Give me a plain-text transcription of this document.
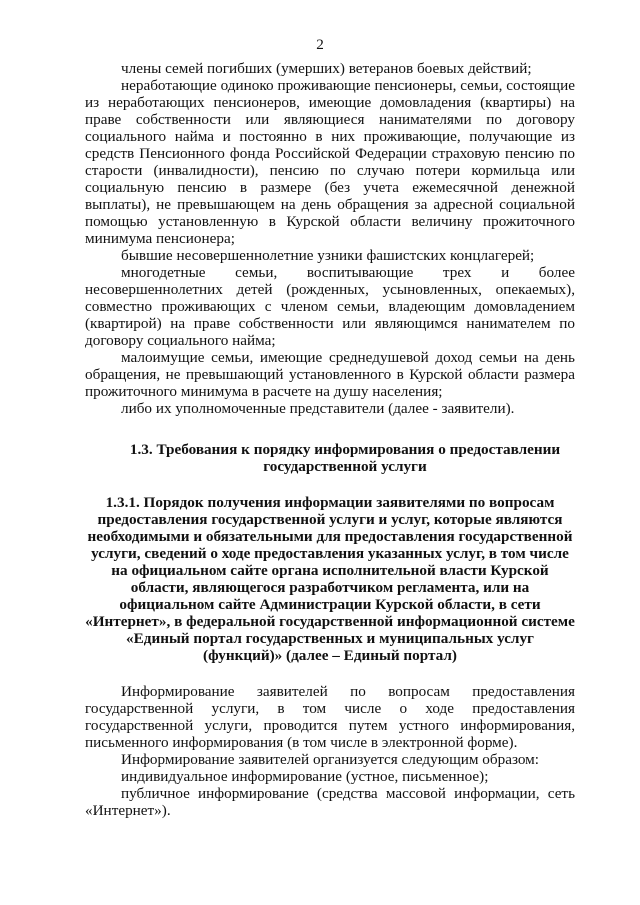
2

члены семей погибших (умерших) ветеранов боевых действий;

неработающие одиноко проживающие пенсионеры, семьи, состоящие из неработающих пенсионеров, имеющие домовладения (квартиры) на праве собственности или являющиеся нанимателями по договору социального найма и постоянно в них проживающие, получающие из средств Пенсионного фонда Российской Федерации страховую пенсию по старости (инвалидности), пенсию по случаю потери кормильца или социальную пенсию в размере (без учета ежемесячной денежной выплаты), не превышающем на день обращения за адресной социальной помощью установленную в Курской области величину прожиточного минимума пенсионера;

бывшие несовершеннолетние узники фашистских концлагерей;

многодетные семьи, воспитывающие трех и более несовершеннолетних детей (рожденных, усыновленных, опекаемых), совместно проживающих с членом семьи, владеющим домовладением (квартирой) на праве собственности или являющимся нанимателем по договору социального найма;

малоимущие семьи, имеющие среднедушевой доход семьи на день обращения, не превышающий установленного в Курской области размера прожиточного минимума в расчете на душу населения;

либо их уполномоченные представители (далее - заявители).

1.3. Требования к порядку информирования о предоставлении государственной услуги
1.3.1. Порядок получения информации заявителями по вопросам предоставления государственной услуги и услуг, которые являются необходимыми и обязательными для предоставления государственной услуги, сведений о ходе предоставления указанных услуг, в том числе на официальном сайте органа исполнительной власти Курской области, являющегося разработчиком регламента, или на официальном сайте Администрации Курской области, в сети «Интернет», в федеральной государственной информационной системе «Единый портал государственных и муниципальных услуг (функций)» (далее – Единый портал)

Информирование заявителей по вопросам предоставления государственной услуги, в том числе о ходе предоставления государственной услуги, проводится путем устного информирования, письменного информирования (в том числе в электронной форме).

Информирование заявителей организуется следующим образом:

индивидуальное информирование (устное, письменное);

публичное информирование (средства массовой информации, сеть «Интернет»).
